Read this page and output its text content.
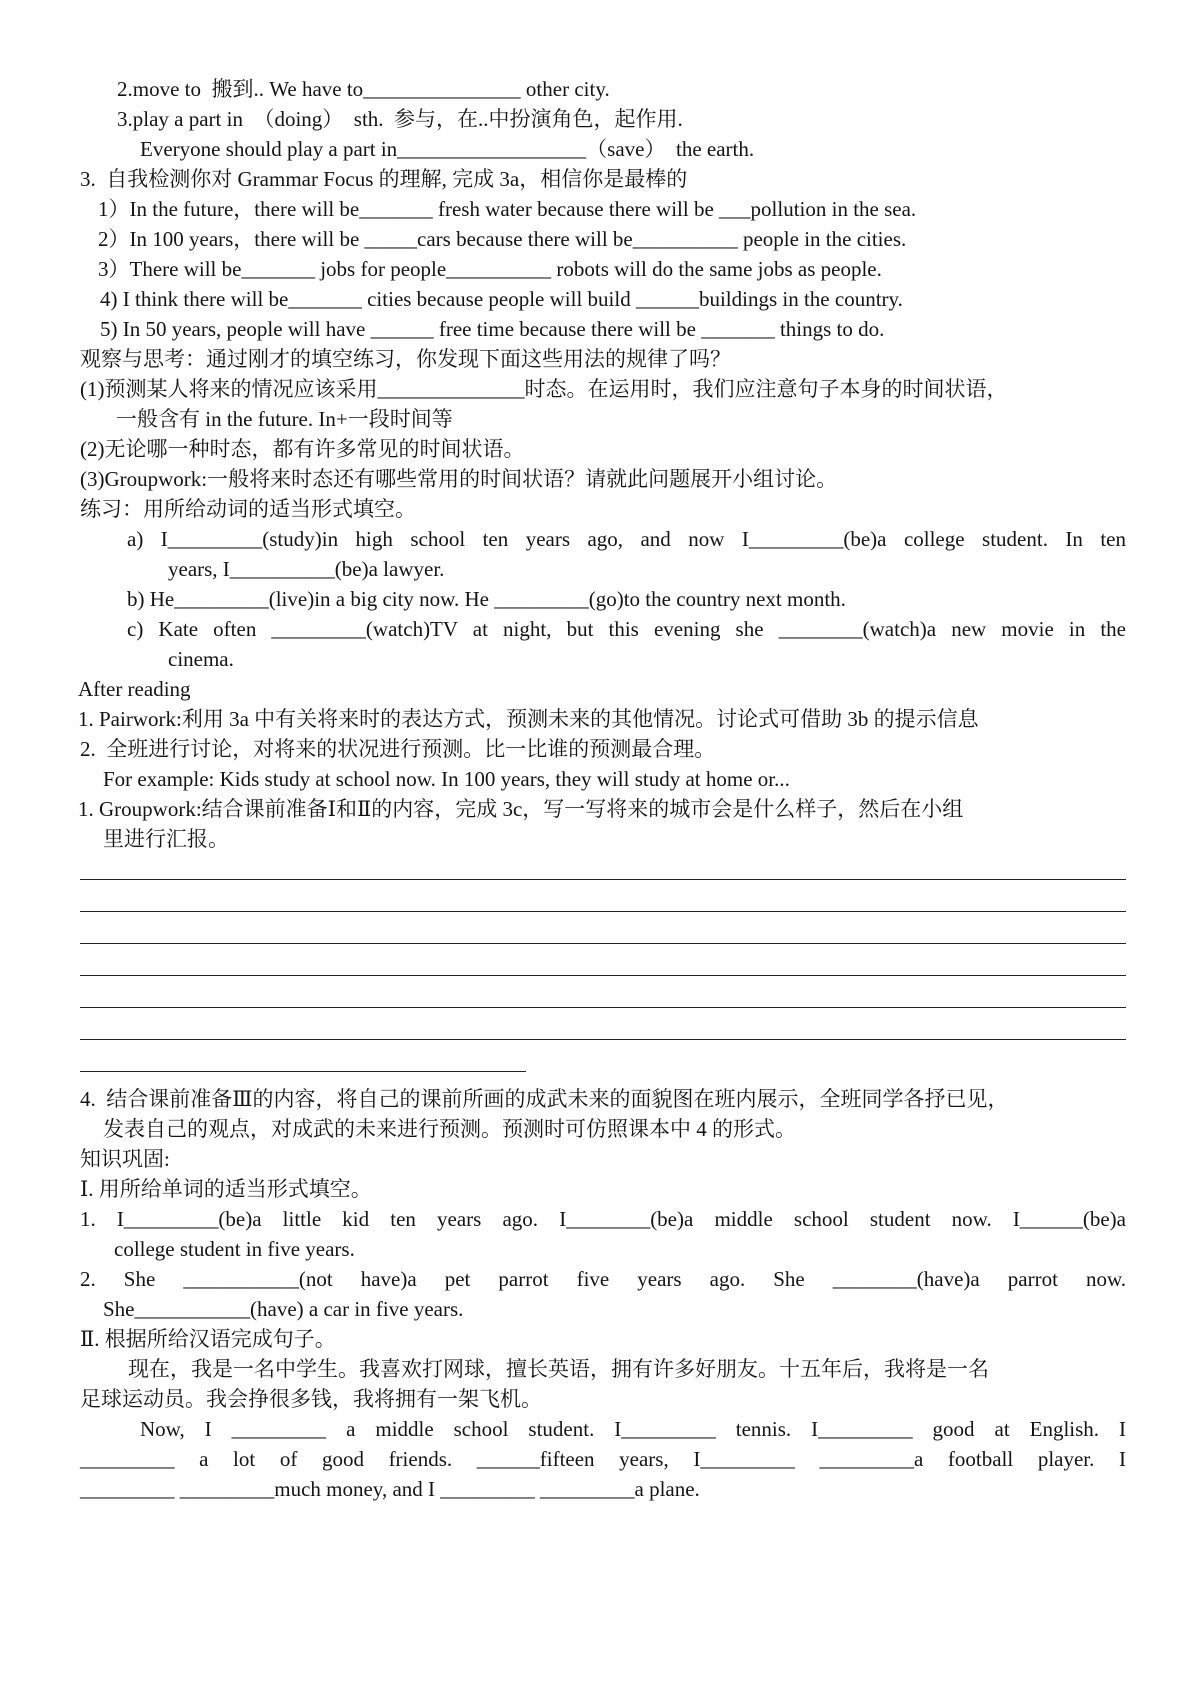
2.move to  搬到.. We have to_______________ other city.
3.play a part in  （doing）  sth.  参与，在..中扮演角色，起作用.
Everyone should play a part in__________________（save）  the earth.
3.  自我检测你对 Grammar Focus 的理解, 完成 3a，相信你是最棒的
1）In the future，there will be_______ fresh water because there will be ___pollution in the sea.
2）In 100 years，there will be _____cars because there will be__________ people in the cities.
3）There will be_______ jobs for people__________ robots will do the same jobs as people.
4) I think there will be_______ cities because people will build ______buildings in the country.
5) In 50 years, people will have ______ free time because there will be _______ things to do.
观察与思考：通过刚才的填空练习，你发现下面这些用法的规律了吗？
(1)预测某人将来的情况应该采用______________时态。在运用时，我们应注意句子本身的时间状语，
一般含有 in the future. In+一段时间等
(2)无论哪一种时态，都有许多常见的时间状语。
(3)Groupwork:一般将来时态还有哪些常用的时间状语？请就此问题展开小组讨论。
练习：用所给动词的适当形式填空。
a) I_________(study)in high school ten years ago, and now I_________(be)a college student. In ten
years, I__________(be)a lawyer.
b) He_________(live)in a big city now. He _________(go)to the country next month.
c) Kate often _________(watch)TV at night, but this evening she ________(watch)a new movie in the
cinema.
After reading
1. Pairwork:利用 3a 中有关将来时的表达方式，预测未来的其他情况。讨论式可借助 3b 的提示信息
2.  全班进行讨论，对将来的状况进行预测。比一比谁的预测最合理。
For example: Kids study at school now. In 100 years, they will study at home or...
1. Groupwork:结合课前准备Ⅰ和Ⅱ的内容，完成 3c，写一写将来的城市会是什么样子，然后在小组
里进行汇报。
4.  结合课前准备Ⅲ的内容，将自己的课前所画的成武未来的面貌图在班内展示，全班同学各抒已见，
发表自己的观点，对成武的未来进行预测。预测时可仿照课本中 4 的形式。
知识巩固:
Ⅰ. 用所给单词的适当形式填空。
1. I_________(be)a little kid ten years ago. I________(be)a middle school student now. I______(be)a
college student in five years.
2. She ___________(not have)a pet parrot five years ago. She ________(have)a parrot now.
She___________(have) a car in five years.
Ⅱ. 根据所给汉语完成句子。
现在，我是一名中学生。我喜欢打网球，擅长英语，拥有许多好朋友。十五年后，我将是一名
足球运动员。我会挣很多钱，我将拥有一架飞机。
Now, I _________ a middle school student. I_________ tennis. I_________ good at English. I
_________ a lot of good friends. ______fifteen years, I_________ _________a football player. I
_________ _________much money, and I _________ _________a plane.
